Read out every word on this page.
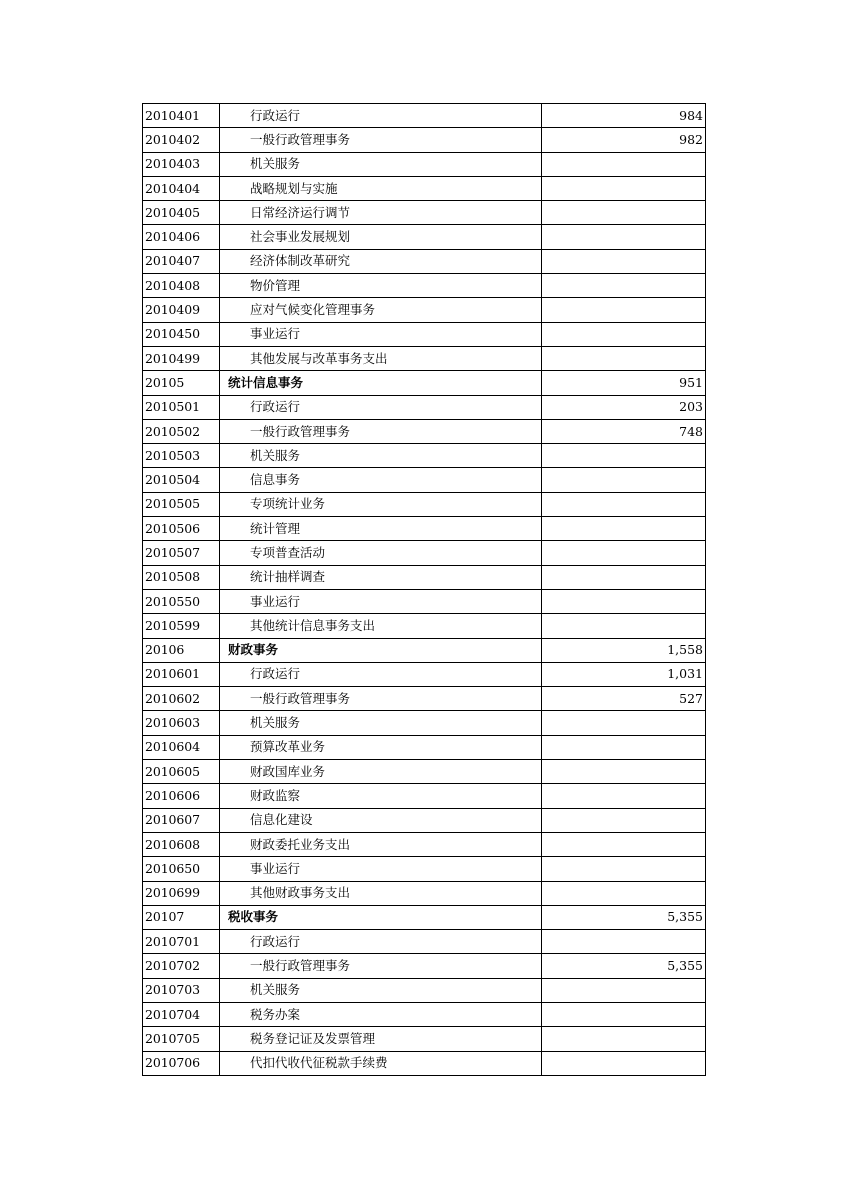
2010401	行政运行	984
2010402	一般行政管理事务	982
2010403	机关服务	
2010404	战略规划与实施	
2010405	日常经济运行调节	
2010406	社会事业发展规划	
2010407	经济体制改革研究	
2010408	物价管理	
2010409	应对气候变化管理事务	
2010450	事业运行	
2010499	其他发展与改革事务支出	
20105	统计信息事务	951
2010501	行政运行	203
2010502	一般行政管理事务	748
2010503	机关服务	
2010504	信息事务	
2010505	专项统计业务	
2010506	统计管理	
2010507	专项普查活动	
2010508	统计抽样调查	
2010550	事业运行	
2010599	其他统计信息事务支出	
20106	财政事务	1,558
2010601	行政运行	1,031
2010602	一般行政管理事务	527
2010603	机关服务	
2010604	预算改革业务	
2010605	财政国库业务	
2010606	财政监察	
2010607	信息化建设	
2010608	财政委托业务支出	
2010650	事业运行	
2010699	其他财政事务支出	
20107	税收事务	5,355
2010701	行政运行	
2010702	一般行政管理事务	5,355
2010703	机关服务	
2010704	税务办案	
2010705	税务登记证及发票管理	
2010706	代扣代收代征税款手续费	
